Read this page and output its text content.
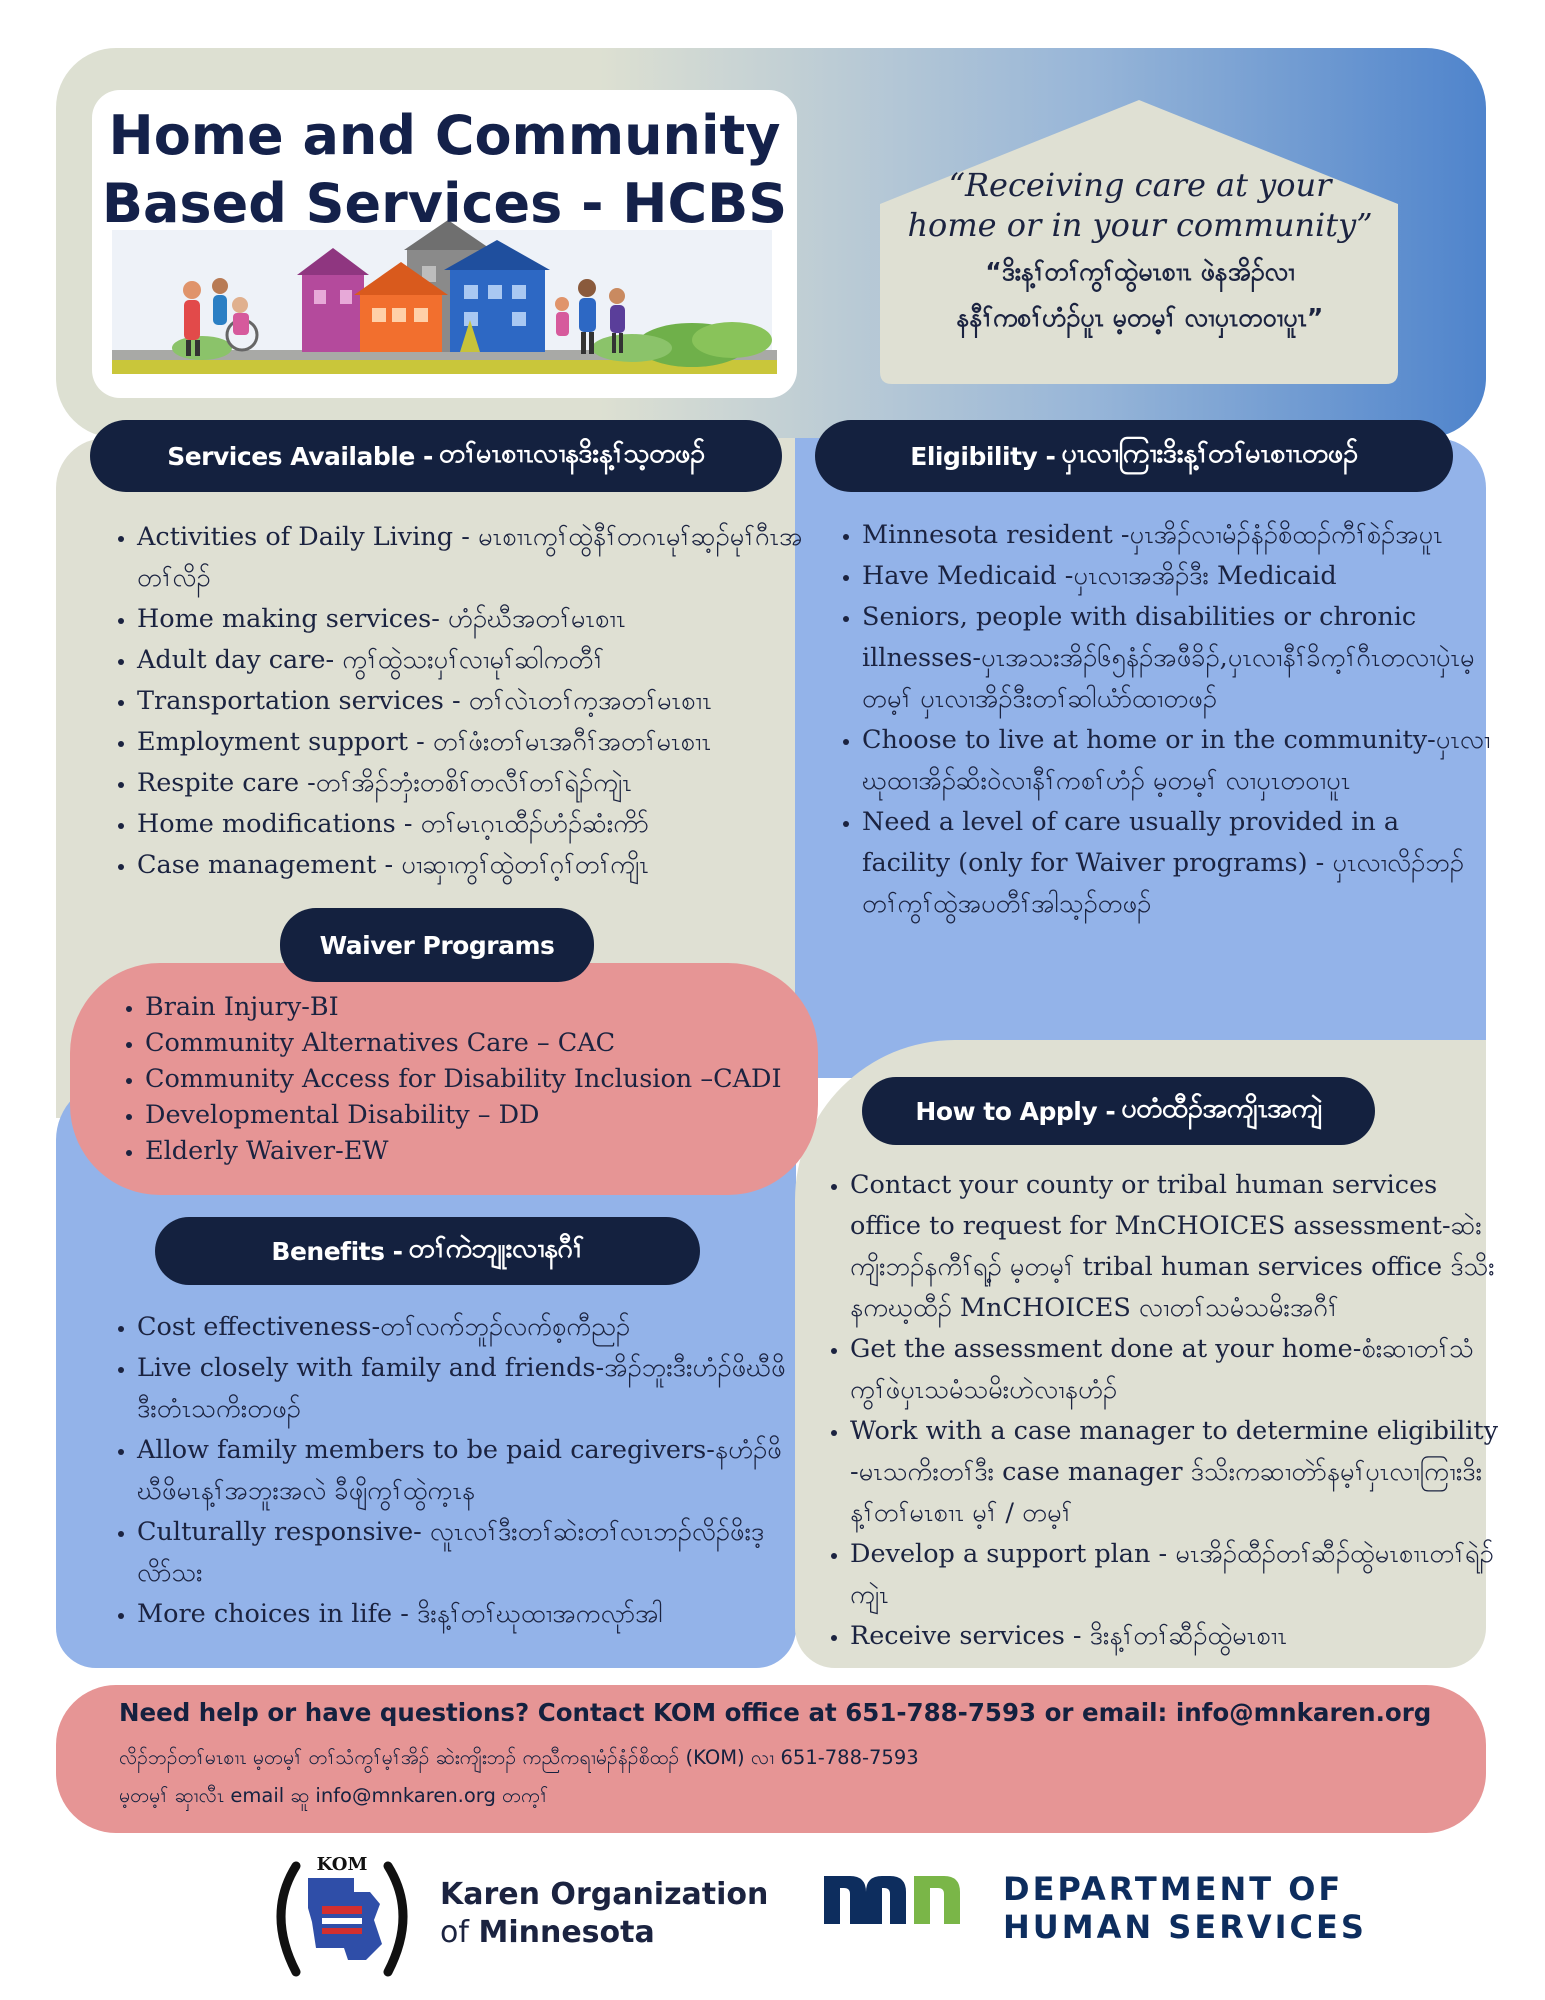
Home and Community
Based Services - HCBS	“Receiving care at your
home or in your community”
“ဒိးန့ၢ်တၢ်ကွၢ်ထွဲမၤစၢၤ ဖဲနအိၣ်လၢ
နနီၢ်ကစၢ်ဟံၣ်ပူၤ မ့တမ့ၢ် လၢပှၤတဝၢပူၤ”
Services Available - တၢ်မၤစၢၤလၢနဒိးန့ၢ်သ့တဖၣ်
• Activities of Daily Living - မၤစၢၤကွၢ်ထွဲနီၢ်တဂၤမုၢ်ဆ့ၣ်မုၢ်ဂီၤအတၢ်လိၣ်
• Home making services- ဟံၣ်ဃီအတၢ်မၤစၢၤ
• Adult day care- ကွၢ်ထွဲသးပှၢ်လၢမုၢ်ဆါကတီၢ်
• Transportation services - တၢ်လဲၤတၢ်က့အတၢ်မၤစၢၤ
• Employment support - တၢ်ဖံးတၢ်မၤအဂီၢ်အတၢ်မၤစၢၤ
• Respite care -တၢ်အိၣ်ဘှံးတစိၢ်တလီၢ်တၢ်ရဲၣ်ကျဲၤ
• Home modifications - တၢ်မၤဂ့ၤထီၣ်ဟံၣ်ဆံးကိာ်
• Case management - ပၢဆှၢကွၢ်ထွဲတၢ်ဂ့ၢ်တၢ်ကျိၤ
Waiver Programs
• Brain Injury-BI
• Community Alternatives Care – CAC
• Community Access for Disability Inclusion –CADI
• Developmental Disability – DD
• Elderly Waiver-EW
Benefits - တၢ်ကဲဘျုးလၢနဂီၢ်
• Cost effectiveness-တၢ်လက်ဘူၣ်လက်စ့ကီညၣ်
• Live closely with family and friends-အိၣ်ဘူးဒီးဟံၣ်ဖိဃီဖိဒီးတံၤသကိးတဖၣ်
• Allow family members to be paid caregivers-နဟံၣ်ဖိဃီဖိမၤန့ၢ်အဘူးအလဲ ခီဖျိကွၢ်ထွဲက့ၤန
• Culturally responsive- လူၤလၢ်ဒီးတၢ်ဆဲးတၢ်လၤဘၣ်လိၣ်ဖိးဒ့လိာ်သး
• More choices in life - ဒိးန့ၢ်တၢ်ဃုထၢအကလုာ်အါ
Eligibility - ပှၤလၢကြၢးဒိးန့ၢ်တၢ်မၤစၢၤတဖၣ်
• Minnesota resident -ပှၤအိၣ်လၢမံၣ်နံၣ်စိထၣ်ကီၢ်စဲၣ်အပူၤ
• Have Medicaid -ပှၤလၢအအိၣ်ဒီး Medicaid
• Seniors, people with disabilities or chronic illnesses-ပှၤအသးအိၣ်၆၅နံၣ်အဖီခိၣ်,ပှၤလၢနီၢ်ခိက့ၢ်ဂီၤတလၢပှဲၤမ့တမ့ၢ် ပှၤလၢအိၣ်ဒီးတၢ်ဆါယံာ်ထၢတဖၣ်
• Choose to live at home or in the community-ပှၤလၢဃုထၢအိၣ်ဆိးဝဲလၢနီၢ်ကစၢ်ဟံၣ် မ့တမ့ၢ် လၢပှၤတဝၢပူၤ
• Need a level of care usually provided in a facility (only for Waiver programs) - ပှၤလၢလိၣ်ဘၣ်တၢ်ကွၢ်ထွဲအပတီၢ်အါသ့ၣ်တဖၣ်
How to Apply - ပတံထီၣ်အကျိၤအကျဲ
• Contact your county or tribal human services office to request for MnCHOICES assessment-ဆဲးကျိးဘၣ်နကီၢ်ရ့ၣ် မ့တမ့ၢ် tribal human services office ဒ်သိးနကဃ့ထီၣ် MnCHOICES လၢတၢ်သမံသမိးအဂီၢ်
• Get the assessment done at your home-စံးဆၢတၢ်သံကွၢ်ဖဲပှၤသမံသမိးဟဲလၢနဟံၣ်
• Work with a case manager to determine eligibility -မၤသကိးတၢ်ဒီး case manager ဒ်သိးကဆၢတဲာ်နမ့ၢ်ပှၤလၢကြၢးဒိးန့ၢ်တၢ်မၤစၢၤ မ့ၢ် / တမ့ၢ်
• Develop a support plan - မၤအိၣ်ထီၣ်တၢ်ဆီၣ်ထွဲမၤစၢၤတၢ်ရဲၣ်ကျဲၤ
• Receive services - ဒိးန့ၢ်တၢ်ဆီၣ်ထွဲမၤစၢၤ
Need help or have questions? Contact KOM office at 651-788-7593 or email: info@mnkaren.org
လိၣ်ဘၣ်တၢ်မၤစၢၤ မ့တမ့ၢ် တၢ်သံကွၢ်မ့ၢ်အိၣ် ဆဲးကျိးဘၣ် ကညီကရၢမံၣ်နံၣ်စိထၣ် (KOM) လၢ 651-788-7593
မ့တမ့ၢ် ဆှၢလီၤ email ဆူ info@mnkaren.org တက့ၢ်
KOM
Karen Organization
of Minnesota
DEPARTMENT OF
HUMAN SERVICES
